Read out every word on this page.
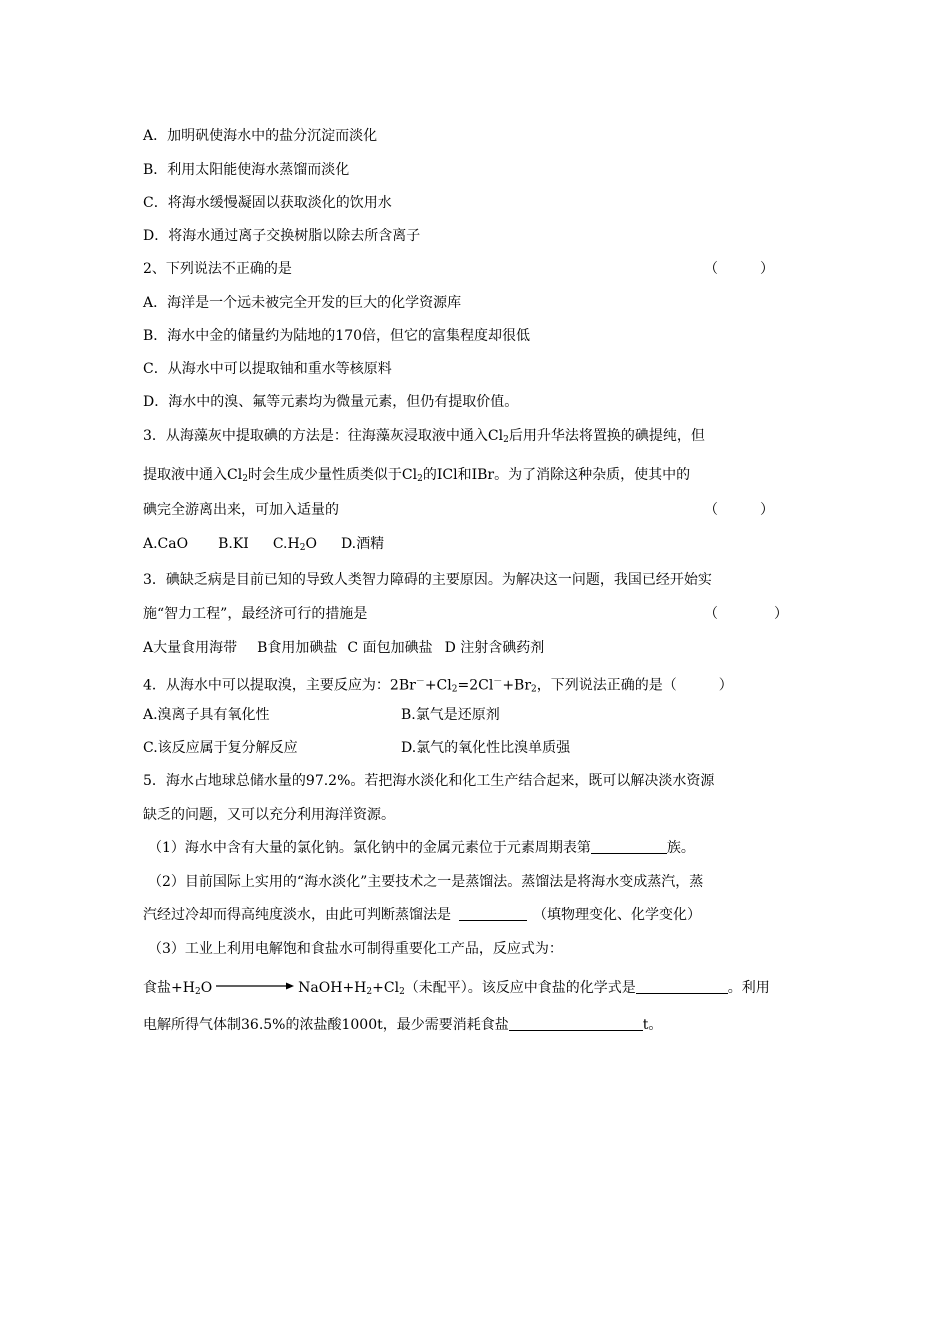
A．加明矾使海水中的盐分沉淀而淡化
B．利用太阳能使海水蒸馏而淡化
C．将海水缓慢凝固以获取淡化的饮用水
D．将海水通过离子交换树脂以除去所含离子
2、下列说法不正确的是	（　　　）
A．海洋是一个远未被完全开发的巨大的化学资源库
B．海水中金的储量约为陆地的170倍，但它的富集程度却很低
C．从海水中可以提取铀和重水等核原料
D．海水中的溴、氟等元素均为微量元素，但仍有提取价值。
3．从海藻灰中提取碘的方法是：往海藻灰浸取液中通入$Cl_2$后用升华法将置换的碘提纯，但
提取液中通入$Cl_2$时会生成少量性质类似于$Cl_2$的ICl和IBr。为了消除这种杂质，使其中的
碘完全游离出来，可加入适量的	（　　　）
A.CaO B.KI $C.H_2O$ D.酒精
3．碘缺乏病是目前已知的导致人类智力障碍的主要原因。为解决这一问题，我国已经开始实
施“智力工程”，最经济可行的措施是	（　　　　）
A大量食用海带 B食用加碘盐 C 面包加碘盐 D 注射含碘药剂
4．从海水中可以提取溴，主要反应为：$2Br^-+Cl_2=2Cl^-+Br_2$，下列说法正确的是（　　　）
A.溴离子具有氧化性	B.氯气是还原剂
C.该反应属于复分解反应	D.氯气的氧化性比溴单质强
5．海水占地球总储水量的97.2%。若把海水淡化和化工生产结合起来，既可以解决淡水资源
缺乏的问题，又可以充分利用海洋资源。
（1）海水中含有大量的氯化钠。氯化钠中的金属元素位于元素周期表第	族。
（2）目前国际上实用的“海水淡化”主要技术之一是蒸馏法。蒸馏法是将海水变成蒸汽，蒸
汽经过冷却而得高纯度淡水，由此可判断蒸馏法是	（填物理变化、化学变化）
（3）工业上利用电解饱和食盐水可制得重要化工产品，反应式为：
食盐$+H_2O$	$NaOH+H_2+Cl_2$（未配平）。该反应中食盐的化学式是	。利用
电解所得气体制36.5%的浓盐酸1000t，最少需要消耗食盐	t。
